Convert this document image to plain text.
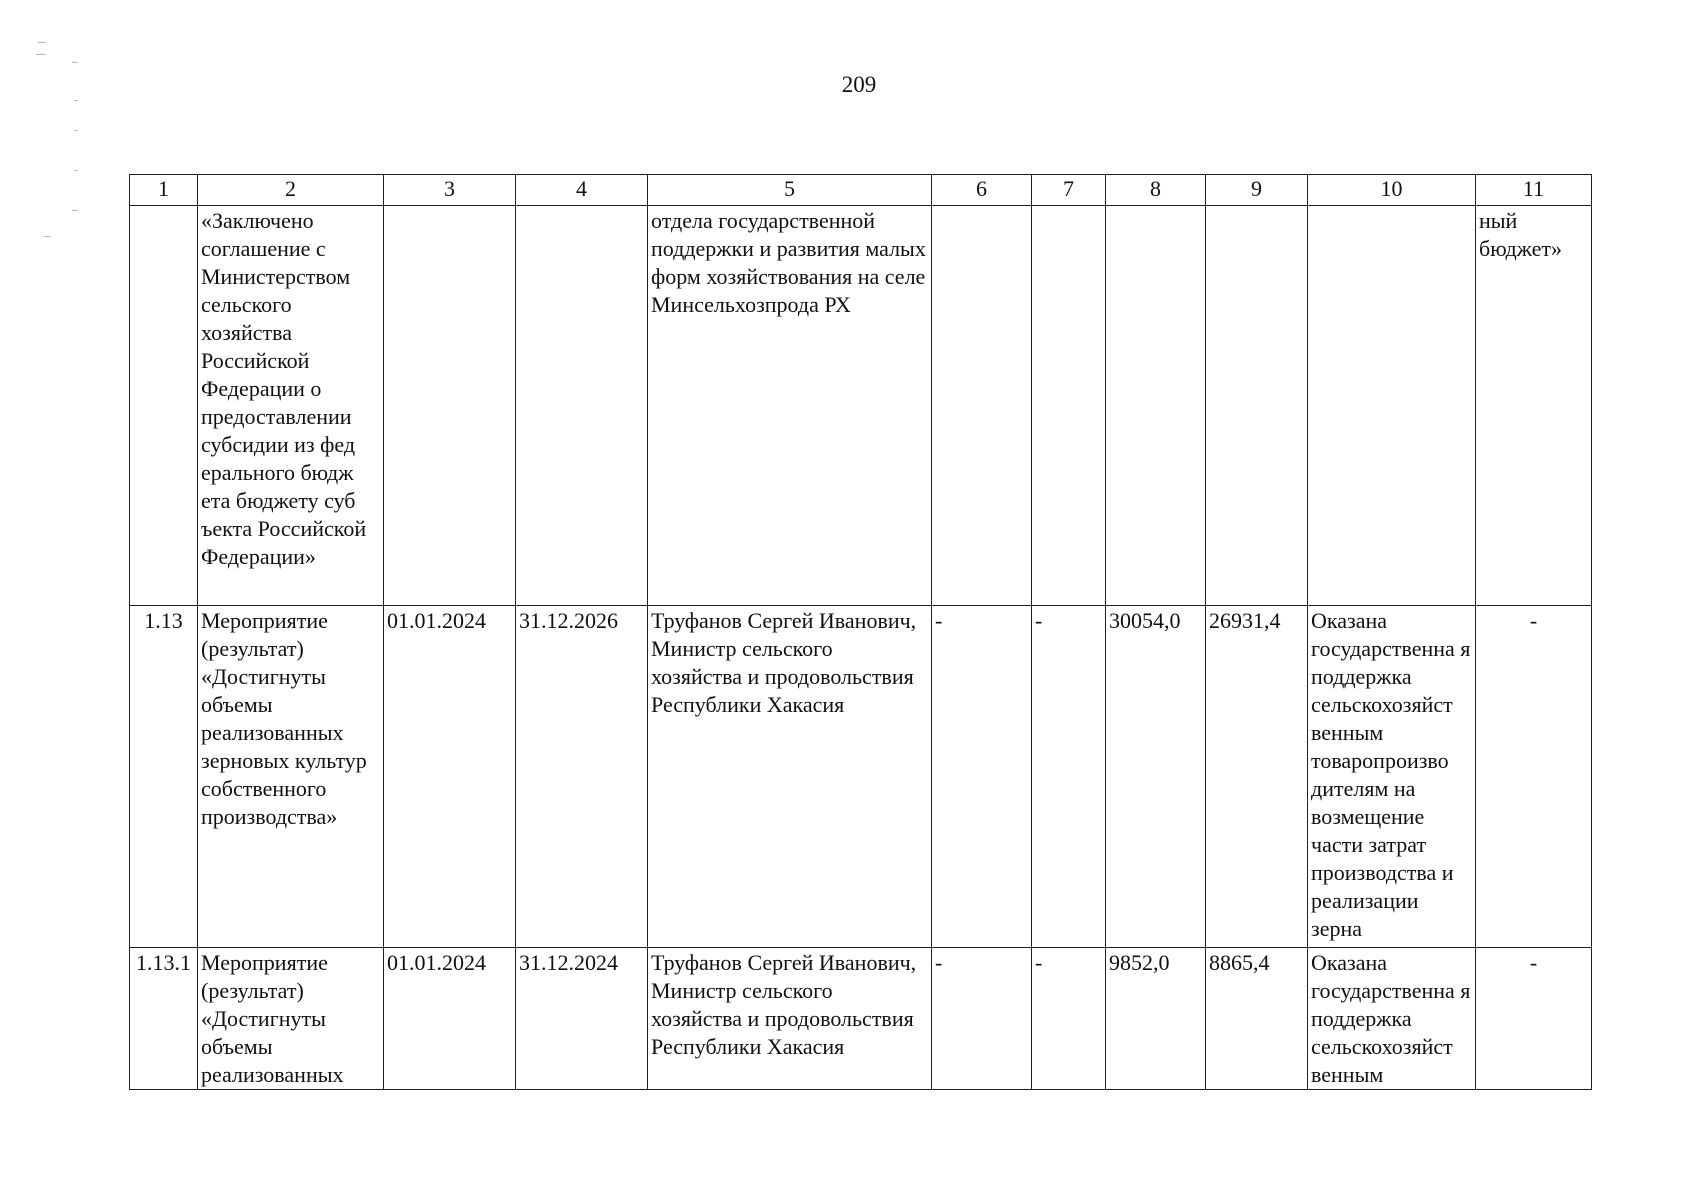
209
1	2	3	4	5	6	7	8	9	10	11
	«Заключено соглашение с Министерством сельского хозяйства Российской Федерации о предоставлении субсидии из фед ерального бюдж ета бюджету суб ъекта Российской Федерации»			отдела государственной поддержки и развития малых форм хозяйствования на селе Минсельхозпрода РХ						ный бюджет»
1.13	Мероприятие (результат) «Достигнуты объемы реализованных зерновых культур собственного производства»	01.01.2024	31.12.2026	Труфанов Сергей Иванович, Министр сельского хозяйства и продовольствия Республики Хакасия	-	-	30054,0	26931,4	Оказана государственна я поддержка сельскохозяйст венным товаропроизво дителям на возмещение части затрат производства и реализации зерна	-
1.13.1	Мероприятие (результат) «Достигнуты объемы реализованных	01.01.2024	31.12.2024	Труфанов Сергей Иванович, Министр сельского хозяйства и продовольствия Республики Хакасия	-	-	9852,0	8865,4	Оказана государственна я поддержка сельскохозяйст венным	-
